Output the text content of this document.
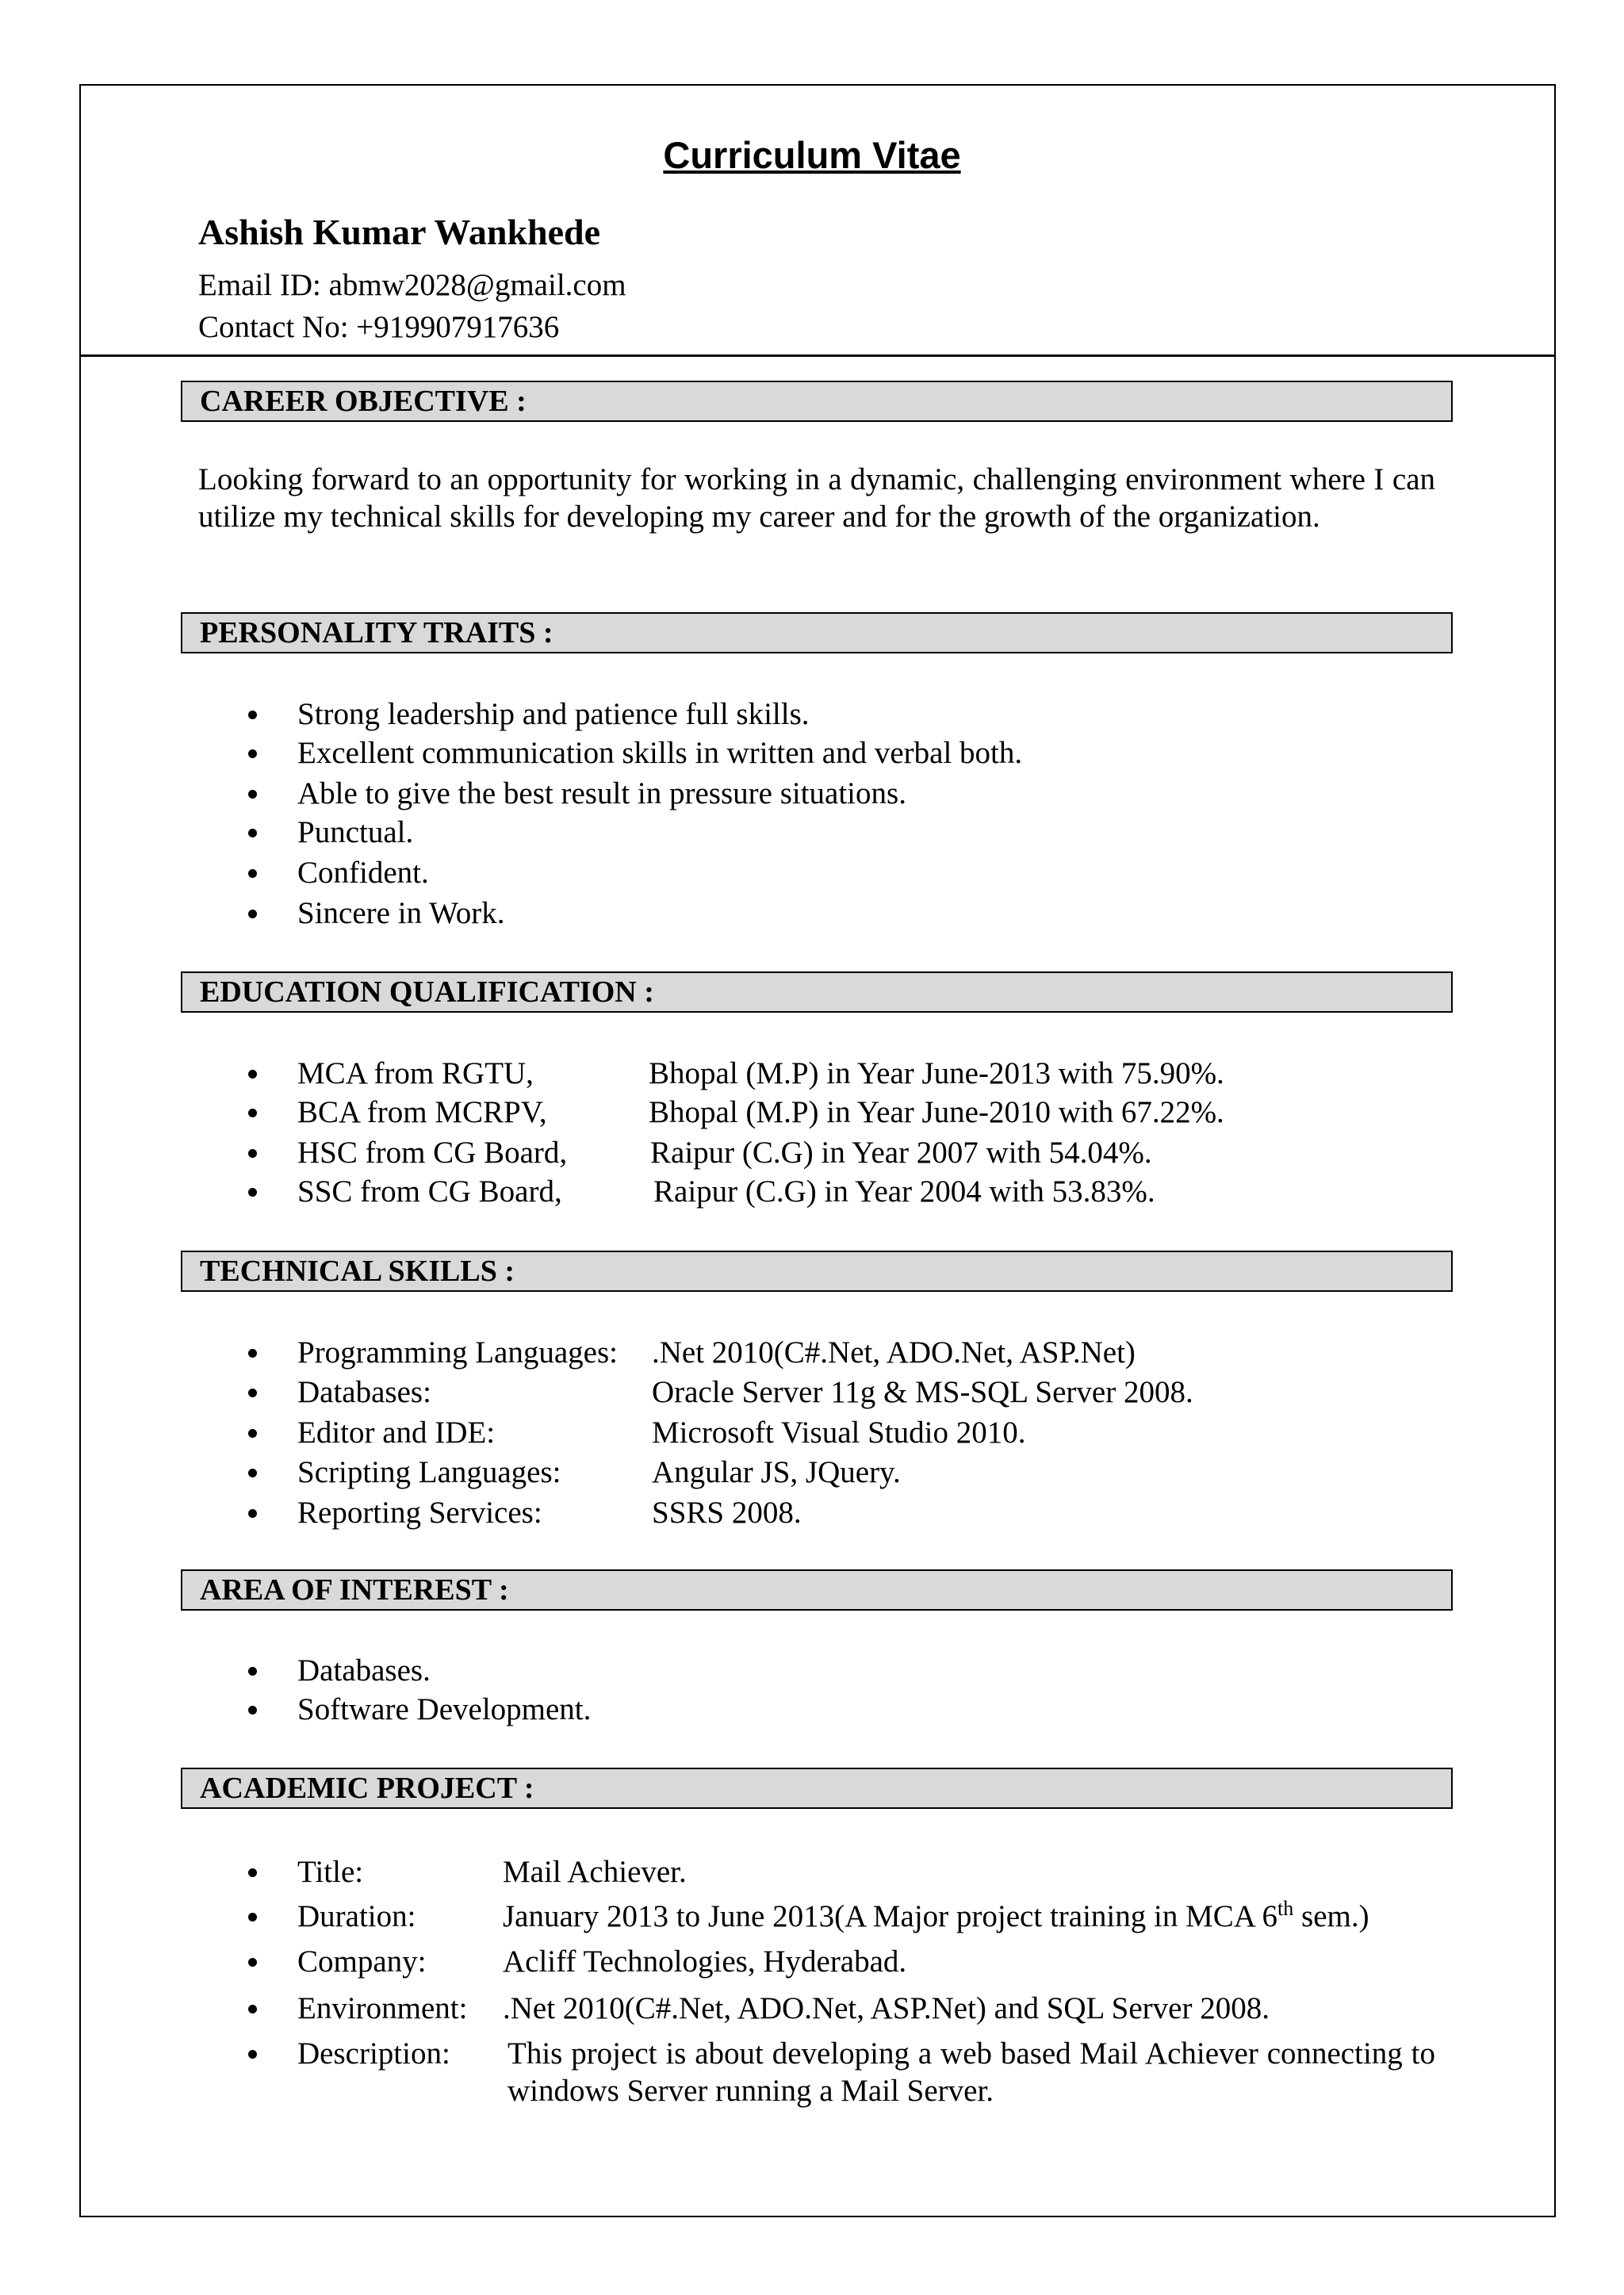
Curriculum Vitae
Ashish Kumar Wankhede
Email ID: abmw2028@gmail.com
Contact No: +919907917636
CAREER OBJECTIVE :
Looking forward to an opportunity for working in a dynamic, challenging environment where I can utilize my technical skills for developing my career and for the growth of the organization.
PERSONALITY TRAITS :
Strong leadership and patience full skills.
Excellent communication skills in written and verbal both.
Able to give the best result in pressure situations.
Punctual.
Confident.
Sincere in Work.
EDUCATION QUALIFICATION :
MCA from RGTU,	Bhopal (M.P) in Year June-2013 with 75.90%.
BCA from MCRPV,	Bhopal (M.P) in Year June-2010 with 67.22%.
HSC from CG Board,	Raipur (C.G) in Year 2007 with 54.04%.
SSC from CG Board,	Raipur (C.G) in Year 2004 with 53.83%.
TECHNICAL SKILLS :
Programming Languages: .Net 2010(C#.Net, ADO.Net, ASP.Net)
Databases:	Oracle Server 11g & MS-SQL Server 2008.
Editor and IDE:	Microsoft Visual Studio 2010.
Scripting Languages:	Angular JS, JQuery.
Reporting Services:	SSRS 2008.
AREA OF INTEREST :
Databases.
Software Development.
ACADEMIC PROJECT :
Title:	Mail Achiever.
Duration:	January 2013 to June 2013(A Major project training in MCA 6th sem.)
Company: Acliff Technologies, Hyderabad.
Environment: .Net 2010(C#.Net, ADO.Net, ASP.Net) and SQL Server 2008.
Description: This project is about developing a web based Mail Achiever connecting to windows Server running a Mail Server.
